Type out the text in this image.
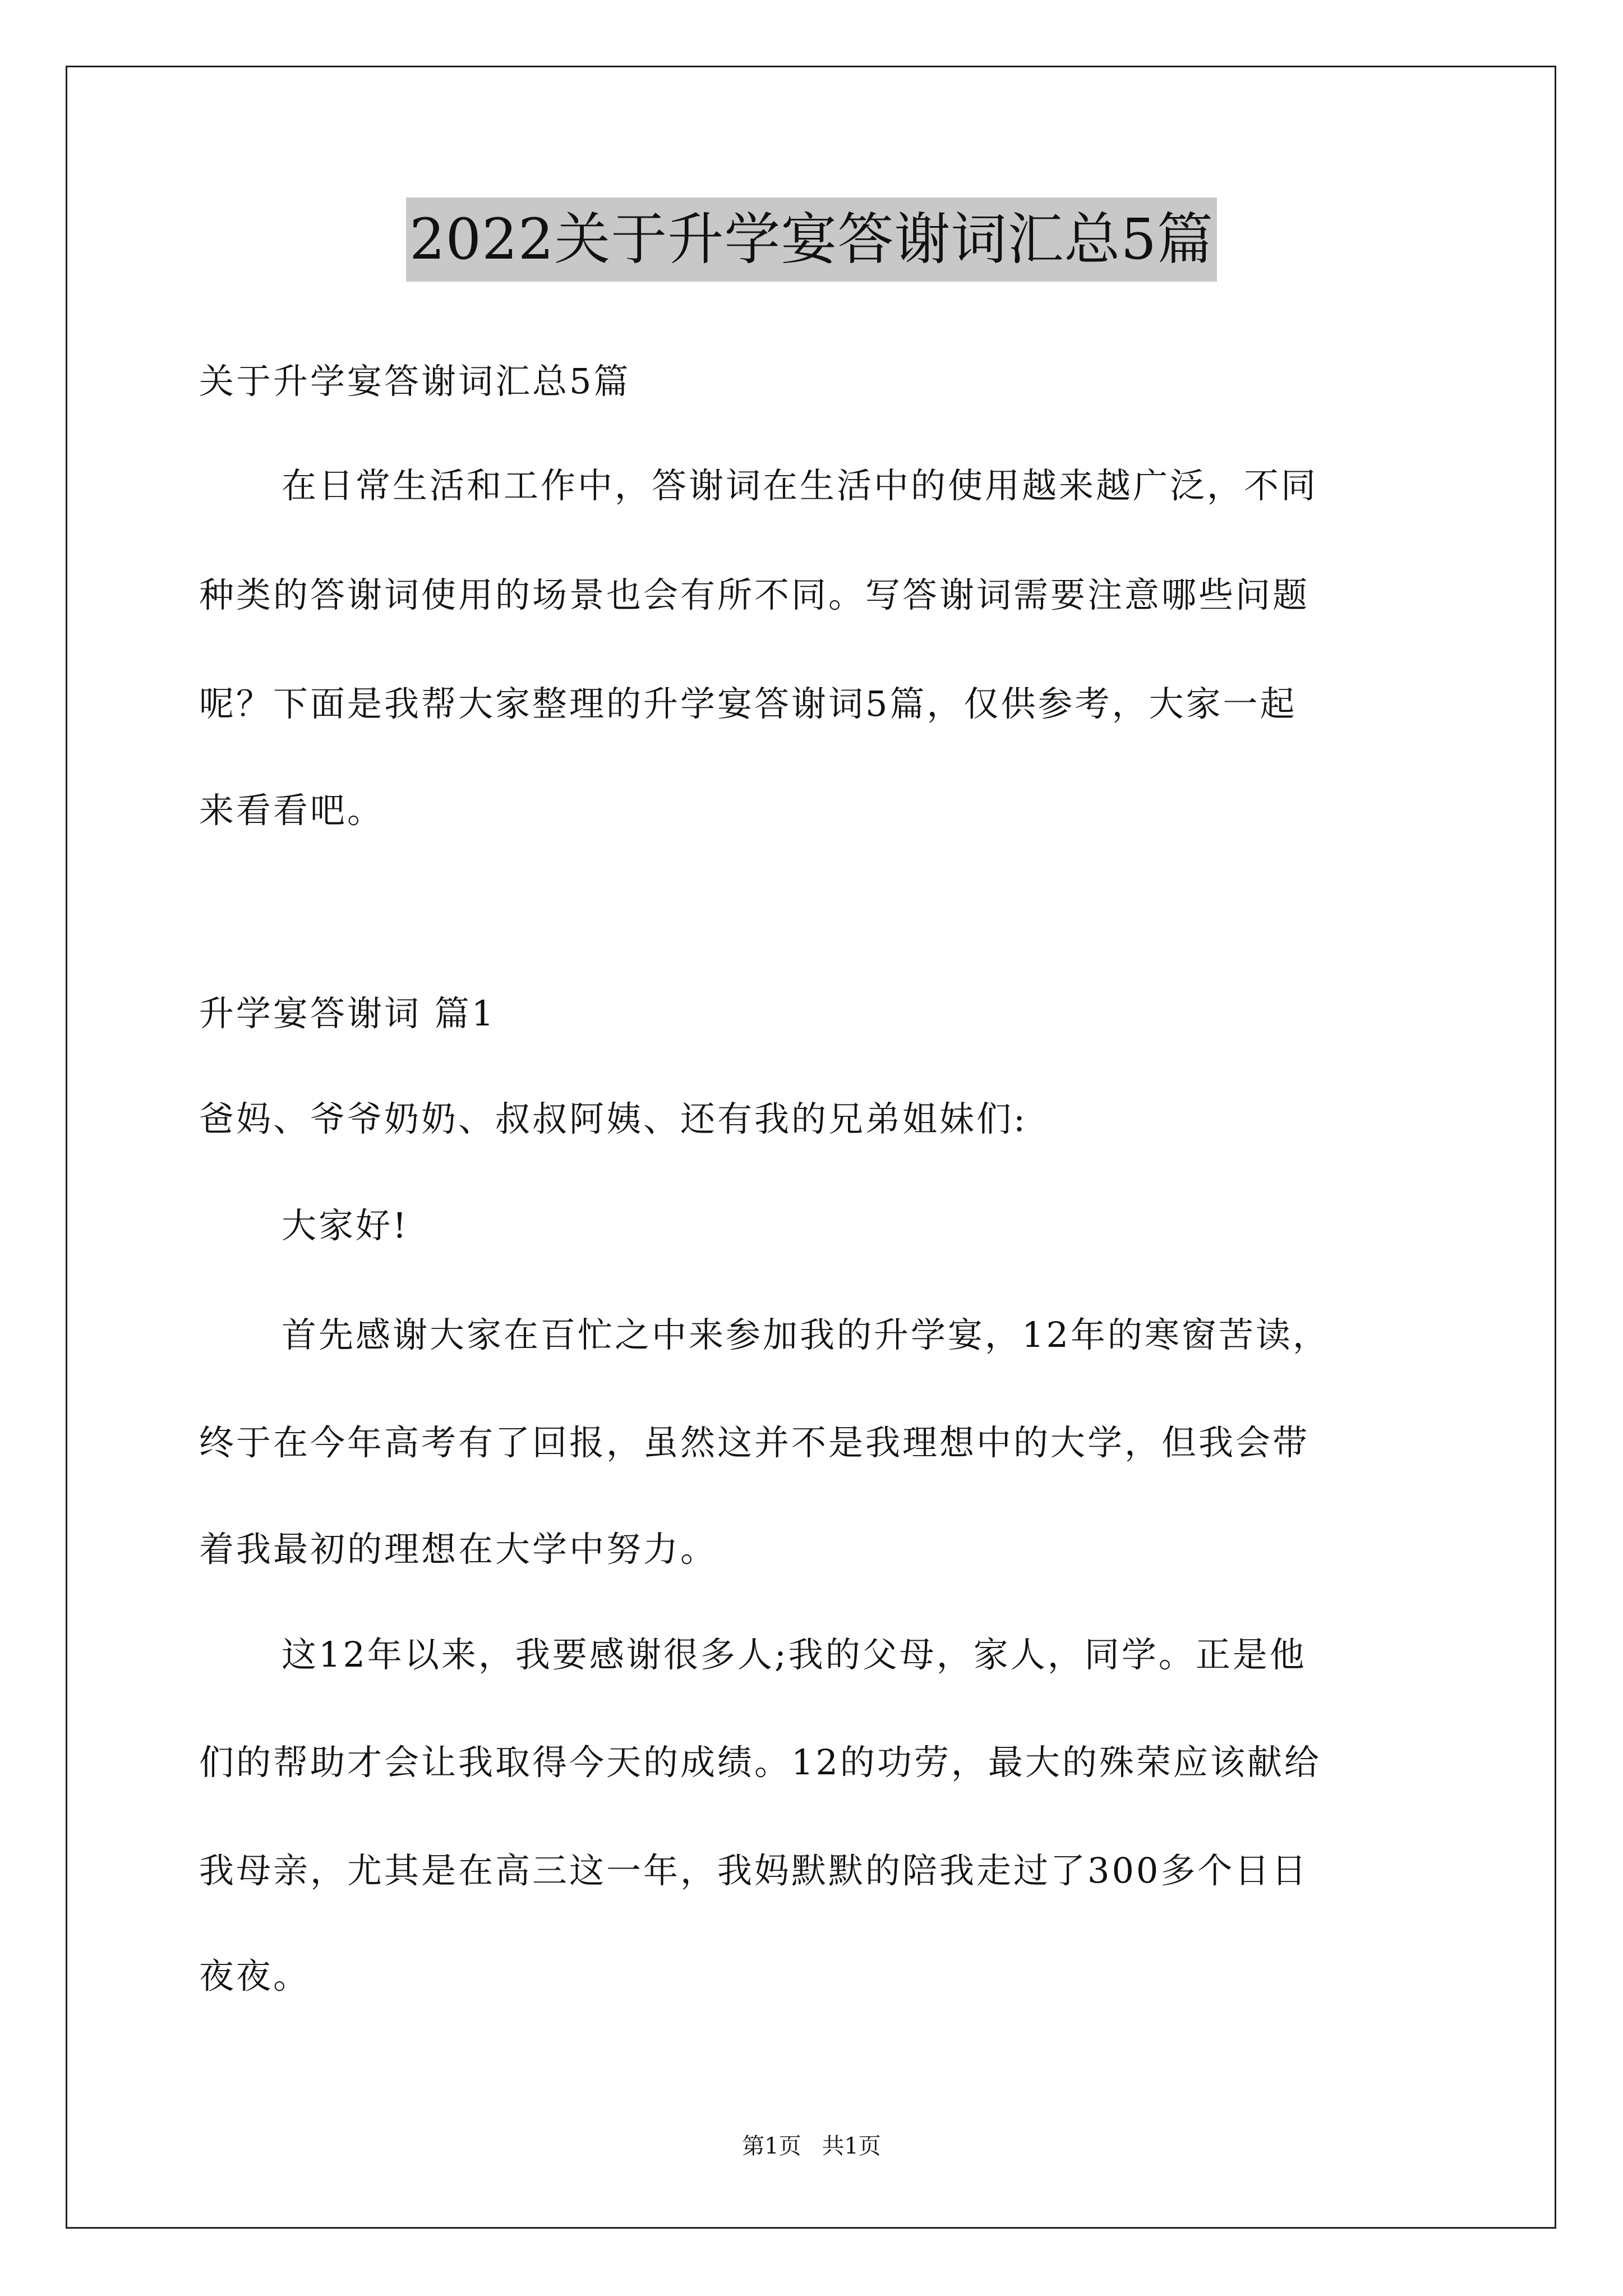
2022关于升学宴答谢词汇总5篇
关于升学宴答谢词汇总5篇
在日常生活和工作中，答谢词在生活中的使用越来越广泛，不同
种类的答谢词使用的场景也会有所不同。写答谢词需要注意哪些问题
呢？下面是我帮大家整理的升学宴答谢词5篇，仅供参考，大家一起
来看看吧。
升学宴答谢词 篇1
爸妈、爷爷奶奶、叔叔阿姨、还有我的兄弟姐妹们:
大家好!
首先感谢大家在百忙之中来参加我的升学宴，12年的寒窗苦读，
终于在今年高考有了回报，虽然这并不是我理想中的大学，但我会带
着我最初的理想在大学中努力。
这12年以来，我要感谢很多人;我的父母，家人，同学。正是他
们的帮助才会让我取得今天的成绩。12的功劳，最大的殊荣应该献给
我母亲，尤其是在高三这一年，我妈默默的陪我走过了300多个日日
夜夜。
第1页 共1页
